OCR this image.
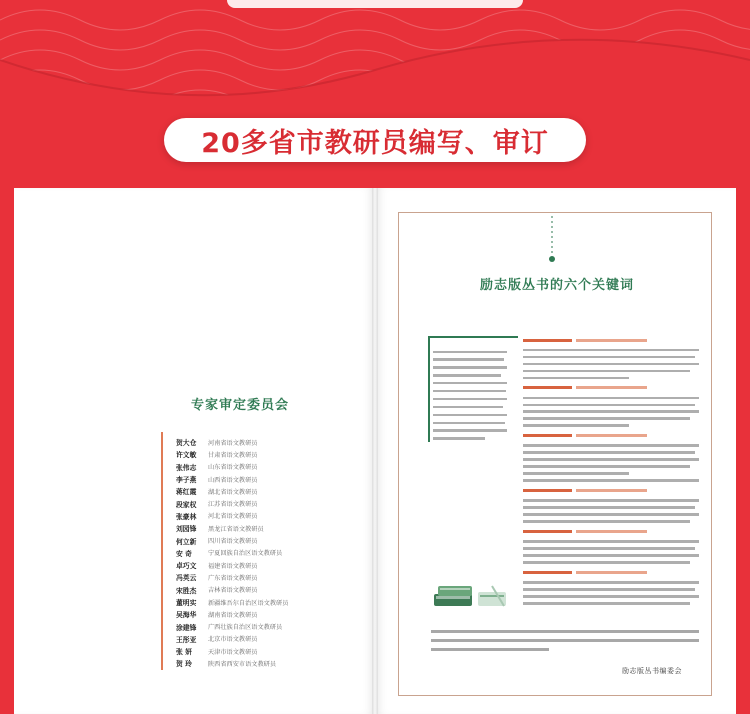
20多省市教研员编写、审订
专家审定委员会
贺大仓	河南省语文教研员
许文敏	甘肃省语文教研员
张伟志	山东省语文教研员
李子燕	山西省语文教研员
蒋红霞	湖北省语文教研员
段家权	江苏省语文教研员
张豪林	河北省语文教研员
刘园锋	黑龙江省语文教研员
何立新	四川省语文教研员
安 奇	宁夏回族自治区语文教研员
卓巧文	福建省语文教研员
冯英云	广东省语文教研员
宋胜杰	吉林省语文教研员
董明实	新疆维吾尔自治区语文教研员
吴海华	湖南省语文教研员
涂建锋	广西壮族自治区语文教研员
王彤亚	北京市语文教研员
张 妍	天津市语文教研员
贺 玲	陕西省西安市语文教研员
励志版丛书的六个关键词
励志版丛书编委会
